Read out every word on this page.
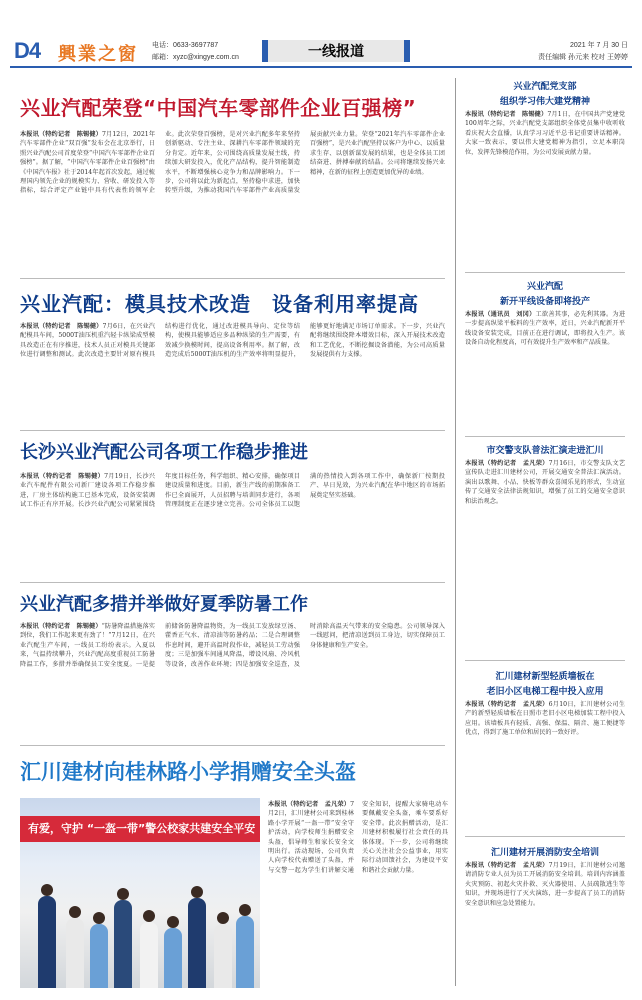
D4 興業之窗 电话：0633-3697787
邮箱：xyzc@xingye.com.cn	一线报道	2021 年 7 月 30 日
责任编辑 孙元来 校对 王婷婷
兴业汽配荣登“中国汽车零部件企业百强榜”
本报讯（特约记者　陈锡健）7月12日，2021年汽车零部件企业“双百强”发布会在北京举行，日照兴业汽配公司首度荣登“中国汽车零部件企业百强榜”。据了解，“中国汽车零部件企业百强榜”由《中国汽车报》社于2014年起首次发起，通过梳理国内领先企业的规模实力、营收、研发投入等指标，综合评定产业链中具有代表性的领军企业。此次荣登百强榜，是对兴业汽配多年来坚持创新驱动、专注主业、深耕汽车零部件领域的充分肯定。近年来，公司围绕高质量发展主线，持续加大研发投入，优化产品结构，提升智能制造水平，不断增强核心竞争力和品牌影响力。下一步，公司将以此为新起点，坚持稳中求进，加快转型升级，为推动我国汽车零部件产业高质量发展贡献兴业力量。荣登“2021年汽车零部件企业百强榜”，是兴业汽配坚持以客户为中心、以质量求生存、以创新谋发展的结果，也是全体员工团结奋进、拼搏奉献的结晶。公司将继续发扬兴业精神，在新的征程上创造更加优异的业绩。
兴业汽配：模具技术改造　设备利用率提高
本报讯（特约记者　陈锡健）7月6日，在兴业汽配模具车间，5000T油压机重汽轻卡纵梁成型模具改造正在有序推进，技术人员正对模具关键部位进行调整和测试。此次改造主要针对原有模具结构进行优化，通过改进模具导向、定位等结构，使模具能够适应多品种纵梁的生产需要，有效减少换模时间，提高设备利用率。据了解，改造完成后5000T油压机的生产效率将明显提升，能够更好地满足市场订单需求。下一步，兴业汽配将继续围绕降本增效目标，深入开展技术改造和工艺优化，不断挖掘设备潜能，为公司高质量发展提供有力支撑。
长沙兴业汽配公司各项工作稳步推进
本报讯（特约记者　陈锡健）7月19日，长沙兴业汽车配件有限公司新厂建设各项工作稳步推进，厂房主体结构施工已基本完成，设备安装调试工作正有序开展。长沙兴业汽配公司紧紧围绕年度目标任务，科学组织、精心安排，确保项目建设质量和进度。目前，新生产线的前期准备工作已全面展开，人员招聘与培训同步进行，各项管理制度正在逐步建立完善。公司全体员工以饱满的热情投入到各项工作中，确保新厂按期投产、早日见效，为兴业汽配在华中地区的市场拓展奠定坚实基础。
兴业汽配多措并举做好夏季防暑工作
本报讯（特约记者　陈锡健）“防暑降温措施落实到位，我们工作起来更有劲了！”7月12日，在兴业汽配生产车间，一线员工纷纷表示。入夏以来，气温持续攀升，兴业汽配高度重视员工防暑降温工作，多措并举确保员工安全度夏。一是提前储备防暑降温物资，为一线员工发放绿豆汤、藿香正气水、清凉油等防暑药品；二是合理调整作息时间，避开高温时段作业，减轻员工劳动强度；三是加强车间通风降温，增设风扇、冷风机等设备，改善作业环境；四是加强安全巡查，及时消除高温天气带来的安全隐患。公司领导深入一线慰问，把清凉送到员工身边，切实保障员工身体健康和生产安全。
汇川建材向桂林路小学捐赠安全头盔
有爱，守护 “一盔一带”警公校家共建安全平安
本报讯（特约记者　孟凡荣）7月2日，汇川建材公司来到桂林路小学开展“一盔一带”安全守护活动，向学校师生捐赠安全头盔，倡导师生和家长安全文明出行。活动现场，公司负责人向学校代表赠送了头盔，并与交警一起为学生们讲解交通安全知识，提醒大家骑电动车要佩戴安全头盔，乘车要系好安全带。此次捐赠活动，是汇川建材积极履行社会责任的具体体现。下一步，公司将继续关心关注社会公益事业，用实际行动回馈社会，为建设平安和谐社会贡献力量。
兴业汽配党支部
组织学习伟大建党精神
本报讯（特约记者　陈锡健）7月1日，在中国共产党建党100周年之际，兴业汽配党支部组织全体党员集中收听收看庆祝大会直播，认真学习习近平总书记重要讲话精神。大家一致表示，要以伟大建党精神为指引，立足本职岗位，发挥先锋模范作用，为公司发展贡献力量。
兴业汽配
新开平线设备即将投产
本报讯（通讯员　刘冈）工欲善其事，必先利其器。为进一步提高纵梁平板料的生产效率，近日，兴业汽配新开平线设备安装完成，目前正在进行调试，即将投入生产。该设备自动化程度高，可有效提升生产效率和产品质量。
市交警支队普法汇演走进汇川
本报讯（特约记者　孟凡荣）7月16日，市交警支队文艺宣传队走进汇川建材公司，开展交通安全普法汇演活动。演出以歌舞、小品、快板等群众喜闻乐见的形式，生动宣传了交通安全法律法规知识，增强了员工的交通安全意识和法治观念。
汇川建材新型轻质墙板在
老旧小区电梯工程中投入应用
本报讯（特约记者　孟凡荣）6月10日，汇川建材公司生产的新型轻质墙板在日照市老旧小区电梯加装工程中投入应用。该墙板具有轻质、高强、保温、隔音、施工便捷等优点，得到了施工单位和居民的一致好评。
汇川建材开展消防安全培训
本报讯（特约记者　孟凡荣）7月19日，汇川建材公司邀请消防专业人员为员工开展消防安全培训。培训内容涵盖火灾预防、初起火灾扑救、灭火器使用、人员疏散逃生等知识，并现场进行了灭火演练，进一步提高了员工的消防安全意识和应急处置能力。
